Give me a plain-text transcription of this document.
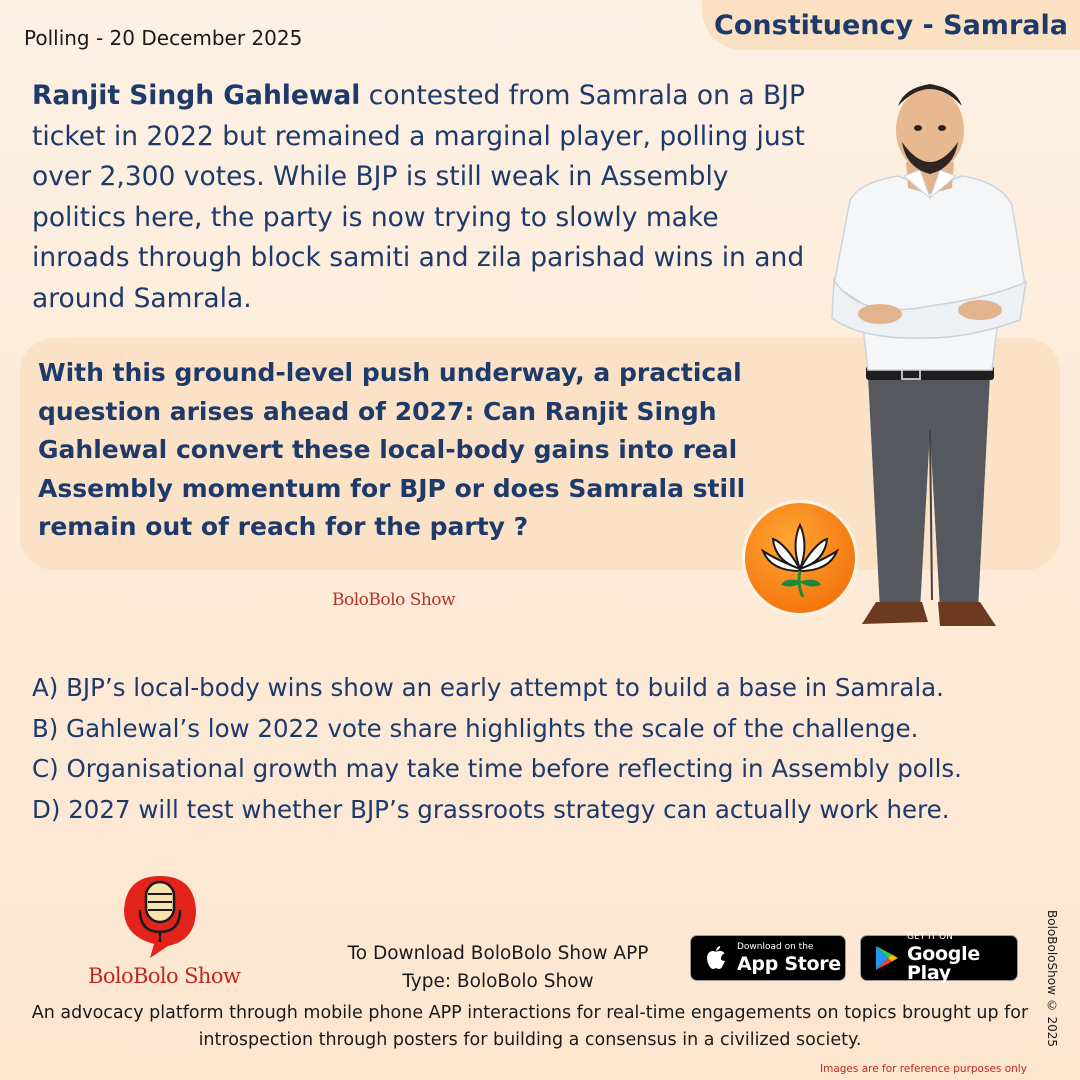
Constituency - Samrala
Polling - 20 December 2025
Ranjit Singh Gahlewal contested from Samrala on a BJP ticket in 2022 but remained a marginal player, polling just over 2,300 votes. While BJP is still weak in Assembly politics here, the party is now trying to slowly make inroads through block samiti and zila parishad wins in and around Samrala.
With this ground-level push underway, a practical question arises ahead of 2027: Can Ranjit Singh Gahlewal convert these local-body gains into real Assembly momentum for BJP or does Samrala still remain out of reach for the party ?
BoloBolo Show
A) BJP’s local-body wins show an early attempt to build a base in Samrala.
B) Gahlewal’s low 2022 vote share highlights the scale of the challenge.
C) Organisational growth may take time before reflecting in Assembly polls.
D) 2027 will test whether BJP’s grassroots strategy can actually work here.
BoloBolo Show
To Download BoloBolo Show APP
Type: BoloBolo Show
Download on the
App Store
GET IT ON
Google Play
An advocacy platform through mobile phone APP interactions for real-time engagements on topics brought up for introspection through posters for building a consensus in a civilized society.	BoloBoloShow © 2025
Images are for reference purposes only
